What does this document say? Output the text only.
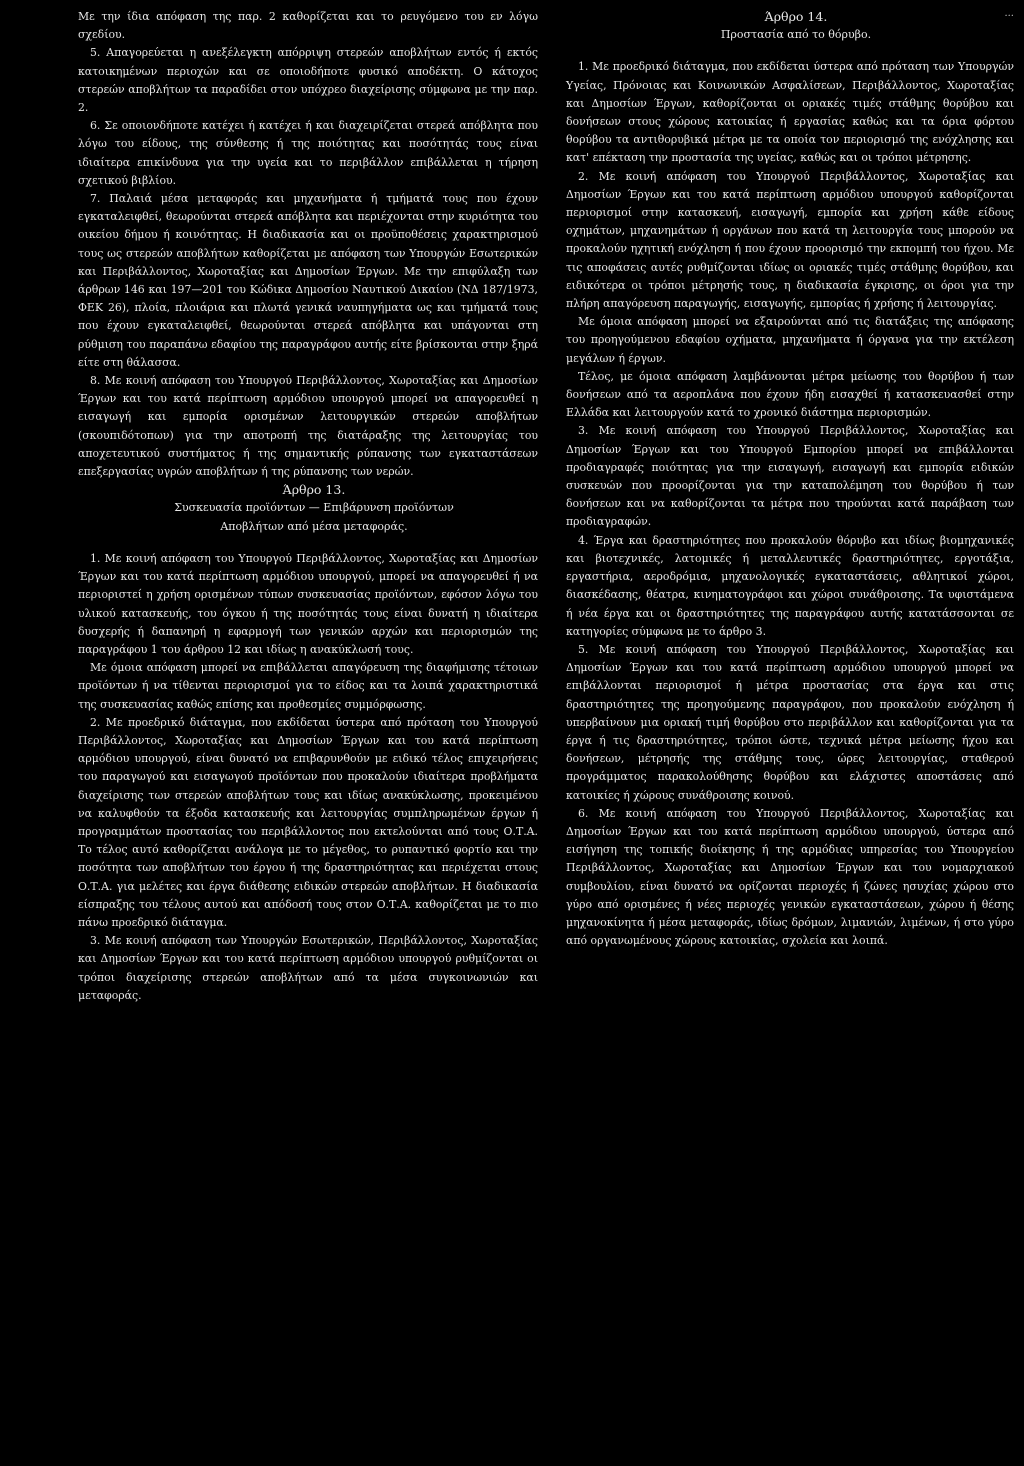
Με την ίδια απόφαση της παρ. 2 καθορίζεται και το ρευγόμενο του εν λόγω σχεδίου.

5. Απαγορεύεται η ανεξέλεγκτη απόρριψη στερεών αποβλήτων εντός ή εκτός κατοικημένων περιοχών και σε οποιοδήποτε φυσικό αποδέκτη. Ο κάτοχος στερεών αποβλήτων τα παραδίδει στον υπόχρεο διαχείρισης σύμφωνα με την παρ. 2.

6. Σε οποιονδήποτε κατέχει ή κατέχει ή και διαχειρίζεται στερεά απόβλητα που λόγω του είδους, της σύνθεσης ή της ποιότητας και ποσότητάς τους είναι ιδιαίτερα επικίνδυνα για την υγεία και το περιβάλλον επιβάλλεται η τήρηση σχετικού βιβλίου.

7. Παλαιά μέσα μεταφοράς και μηχανήματα ή τμήματά τους που έχουν εγκαταλειφθεί, θεωρούνται στερεά απόβλητα και περιέχονται στην κυριότητα του οικείου δήμου ή κοινότητας. Η διαδικασία και οι προϋποθέσεις χαρακτηρισμού τους ως στερεών αποβλήτων καθορίζεται με απόφαση των Υπουργών Εσωτερικών και Περιβάλλοντος, Χωροταξίας και Δημοσίων Έργων. Με την επιφύλαξη των άρθρων 146 και 197—201 του Κώδικα Δημοσίου Ναυτικού Δικαίου (ΝΔ 187/1973, ΦΕΚ 26), πλοία, πλοιάρια και πλωτά γενικά ναυπηγήματα ως και τμήματά τους που έχουν εγκαταλειφθεί, θεωρούνται στερεά απόβλητα και υπάγονται στη ρύθμιση του παραπάνω εδαφίου της παραγράφου αυτής είτε βρίσκονται στην ξηρά είτε στη θάλασσα.

8. Με κοινή απόφαση του Υπουργού Περιβάλλοντος, Χωροταξίας και Δημοσίων Έργων και του κατά περίπτωση αρμόδιου υπουργού μπορεί να απαγορευθεί η εισαγωγή και εμπορία ορισμένων λειτουργικών στερεών αποβλήτων (σκουπιδότοπων) για την αποτροπή της διατάραξης της λειτουργίας του αποχετευτικού συστήματος ή της σημαντικής ρύπανσης των εγκαταστάσεων επεξεργασίας υγρών αποβλήτων ή της ρύπανσης των νερών.

Άρθρο 13.

Συσκευασία προϊόντων — Επιβάρυνση προϊόντων

Αποβλήτων από μέσα μεταφοράς.

1. Με κοινή απόφαση του Υπουργού Περιβάλλοντος, Χωροταξίας και Δημοσίων Έργων και του κατά περίπτωση αρμόδιου υπουργού, μπορεί να απαγορευθεί ή να περιοριστεί η χρήση ορισμένων τύπων συσκευασίας προϊόντων, εφόσον λόγω του υλικού κατασκευής, του όγκου ή της ποσότητάς τους είναι δυνατή η ιδιαίτερα δυσχερής ή δαπανηρή η εφαρμογή των γενικών αρχών και περιορισμών της παραγράφου 1 του άρθρου 12 και ιδίως η ανακύκλωσή τους.

Με όμοια απόφαση μπορεί να επιβάλλεται απαγόρευση της διαφήμισης τέτοιων προϊόντων ή να τίθενται περιορισμοί για το είδος και τα λοιπά χαρακτηριστικά της συσκευασίας καθώς επίσης και προθεσμίες συμμόρφωσης.

2. Με προεδρικό διάταγμα, που εκδίδεται ύστερα από πρόταση του Υπουργού Περιβάλλοντος, Χωροταξίας και Δημοσίων Έργων και του κατά περίπτωση αρμόδιου υπουργού, είναι δυνατό να επιβαρυνθούν με ειδικό τέλος επιχειρήσεις του παραγωγού και εισαγωγού προϊόντων που προκαλούν ιδιαίτερα προβλήματα διαχείρισης των στερεών αποβλήτων τους και ιδίως ανακύκλωσης, προκειμένου να καλυφθούν τα έξοδα κατασκευής και λειτουργίας συμπληρωμένων έργων ή προγραμμάτων προστασίας του περιβάλλοντος που εκτελούνται από τους Ο.Τ.Α. Το τέλος αυτό καθορίζεται ανάλογα με το μέγεθος, το ρυπαντικό φορτίο και την ποσότητα των αποβλήτων του έργου ή της δραστηριότητας και περιέχεται στους Ο.Τ.Α. για μελέτες και έργα διάθεσης ειδικών στερεών αποβλήτων. Η διαδικασία είσπραξης του τέλους αυτού και απόδοσή τους στον Ο.Τ.Α. καθορίζεται με το πιο πάνω προεδρικό διάταγμα.

3. Με κοινή απόφαση των Υπουργών Εσωτερικών, Περιβάλλοντος, Χωροταξίας και Δημοσίων Έργων και του κατά περίπτωση αρμόδιου υπουργού ρυθμίζονται οι τρόποι διαχείρισης στερεών αποβλήτων από τα μέσα συγκοινωνιών και μεταφοράς.

Άρθρο 14.	···

Προστασία από το θόρυβο.

1. Με προεδρικό διάταγμα, που εκδίδεται ύστερα από πρόταση των Υπουργών Υγείας, Πρόνοιας και Κοινωνικών Ασφαλίσεων, Περιβάλλοντος, Χωροταξίας και Δημοσίων Έργων, καθορίζονται οι οριακές τιμές στάθμης θορύβου και δονήσεων στους χώρους κατοικίας ή εργασίας καθώς και τα όρια φόρτου θορύβου τα αντιθορυβικά μέτρα με τα οποία τον περιορισμό της ενόχλησης και κατ' επέκταση την προστασία της υγείας, καθώς και οι τρόποι μέτρησης.

2. Με κοινή απόφαση του Υπουργού Περιβάλλοντος, Χωροταξίας και Δημοσίων Έργων και του κατά περίπτωση αρμόδιου υπουργού καθορίζονται περιορισμοί στην κατασκευή, εισαγωγή, εμπορία και χρήση κάθε είδους οχημάτων, μηχανημάτων ή οργάνων που κατά τη λειτουργία τους μπορούν να προκαλούν ηχητική ενόχληση ή που έχουν προορισμό την εκπομπή του ήχου. Με τις αποφάσεις αυτές ρυθμίζονται ιδίως οι οριακές τιμές στάθμης θορύβου, και ειδικότερα οι τρόποι μέτρησής τους, η διαδικασία έγκρισης, οι όροι για την πλήρη απαγόρευση παραγωγής, εισαγωγής, εμπορίας ή χρήσης ή λειτουργίας.

Με όμοια απόφαση μπορεί να εξαιρούνται από τις διατάξεις της απόφασης του προηγούμενου εδαφίου οχήματα, μηχανήματα ή όργανα για την εκτέλεση μεγάλων ή έργων.

Τέλος, με όμοια απόφαση λαμβάνονται μέτρα μείωσης του θορύβου ή των δονήσεων από τα αεροπλάνα που έχουν ήδη εισαχθεί ή κατασκευασθεί στην Ελλάδα και λειτουργούν κατά το χρονικό διάστημα περιορισμών.

3. Με κοινή απόφαση του Υπουργού Περιβάλλοντος, Χωροταξίας και Δημοσίων Έργων και του Υπουργού Εμπορίου μπορεί να επιβάλλονται προδιαγραφές ποιότητας για την εισαγωγή, εισαγωγή και εμπορία ειδικών συσκευών που προορίζονται για την καταπολέμηση του θορύβου ή των δονήσεων και να καθορίζονται τα μέτρα που τηρούνται κατά παράβαση των προδιαγραφών.

4. Έργα και δραστηριότητες που προκαλούν θόρυβο και ιδίως βιομηχανικές και βιοτεχνικές, λατομικές ή μεταλλευτικές δραστηριότητες, εργοτάξια, εργαστήρια, αεροδρόμια, μηχανολογικές εγκαταστάσεις, αθλητικοί χώροι, διασκέδασης, θέατρα, κινηματογράφοι και χώροι συνάθροισης. Τα υφιστάμενα ή νέα έργα και οι δραστηριότητες της παραγράφου αυτής κατατάσσονται σε κατηγορίες σύμφωνα με το άρθρο 3.

5. Με κοινή απόφαση του Υπουργού Περιβάλλοντος, Χωροταξίας και Δημοσίων Έργων και του κατά περίπτωση αρμόδιου υπουργού μπορεί να επιβάλλονται περιορισμοί ή μέτρα προστασίας στα έργα και στις δραστηριότητες της προηγούμενης παραγράφου, που προκαλούν ενόχληση ή υπερβαίνουν μια οριακή τιμή θορύβου στο περιβάλλον και καθορίζονται για τα έργα ή τις δραστηριότητες, τρόποι ώστε, τεχνικά μέτρα μείωσης ήχου και δονήσεων, μέτρησής της στάθμης τους, ώρες λειτουργίας, σταθερού προγράμματος παρακολούθησης θορύβου και ελάχιστες αποστάσεις από κατοικίες ή χώρους συνάθροισης κοινού.

6. Με κοινή απόφαση του Υπουργού Περιβάλλοντος, Χωροταξίας και Δημοσίων Έργων και του κατά περίπτωση αρμόδιου υπουργού, ύστερα από εισήγηση της τοπικής διοίκησης ή της αρμόδιας υπηρεσίας του Υπουργείου Περιβάλλοντος, Χωροταξίας και Δημοσίων Έργων και του νομαρχιακού συμβουλίου, είναι δυνατό να ορίζονται περιοχές ή ζώνες ησυχίας χώρου στο γύρο από ορισμένες ή νέες περιοχές γενικών εγκαταστάσεων, χώρου ή θέσης μηχανοκίνητα ή μέσα μεταφοράς, ιδίως δρόμων, λιμανιών, λιμένων, ή στο γύρο από οργανωμένους χώρους κατοικίας, σχολεία και λοιπά.
